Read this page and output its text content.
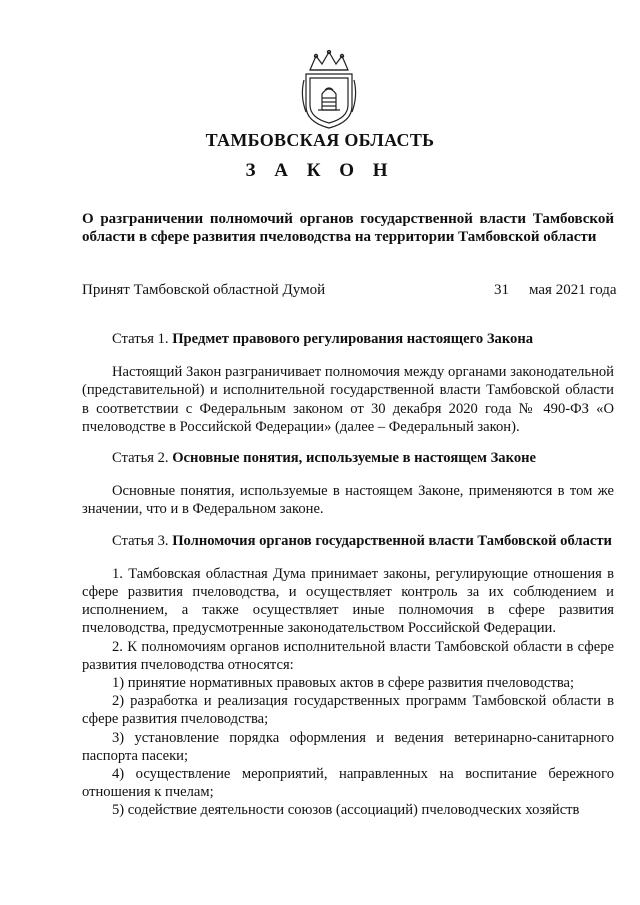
ТАМБОВСКАЯ ОБЛАСТЬ
З А К О Н
О разграничении полномочий органов государственной власти Тамбовской области в сфере развития пчеловодства на территории Тамбовской области
Принят Тамбовской областной Думой	31 мая 2021 года
Статья 1. Предмет правового регулирования настоящего Закона

Настоящий Закон разграничивает полномочия между органами законодательной (представительной) и исполнительной государственной власти Тамбовской области в соответствии с Федеральным законом от 30 декабря 2020 года № 490-ФЗ «О пчеловодстве в Российской Федерации» (далее – Федеральный закон).

Статья 2. Основные понятия, используемые в настоящем Законе

Основные понятия, используемые в настоящем Законе, применяются в том же значении, что и в Федеральном законе.

Статья 3. Полномочия органов государственной власти Тамбовской области

1. Тамбовская областная Дума принимает законы, регулирующие отношения в сфере развития пчеловодства, и осуществляет контроль за их соблюдением и исполнением, а также осуществляет иные полномочия в сфере развития пчеловодства, предусмотренные законодательством Российской Федерации.

2. К полномочиям органов исполнительной власти Тамбовской области в сфере развития пчеловодства относятся:

1) принятие нормативных правовых актов в сфере развития пчеловодства;

2) разработка и реализация государственных программ Тамбовской области в сфере развития пчеловодства;

3) установление порядка оформления и ведения ветеринарно-санитарного паспорта пасеки;

4) осуществление мероприятий, направленных на воспитание бережного отношения к пчелам;

5) содействие деятельности союзов (ассоциаций) пчеловодческих хозяйств
